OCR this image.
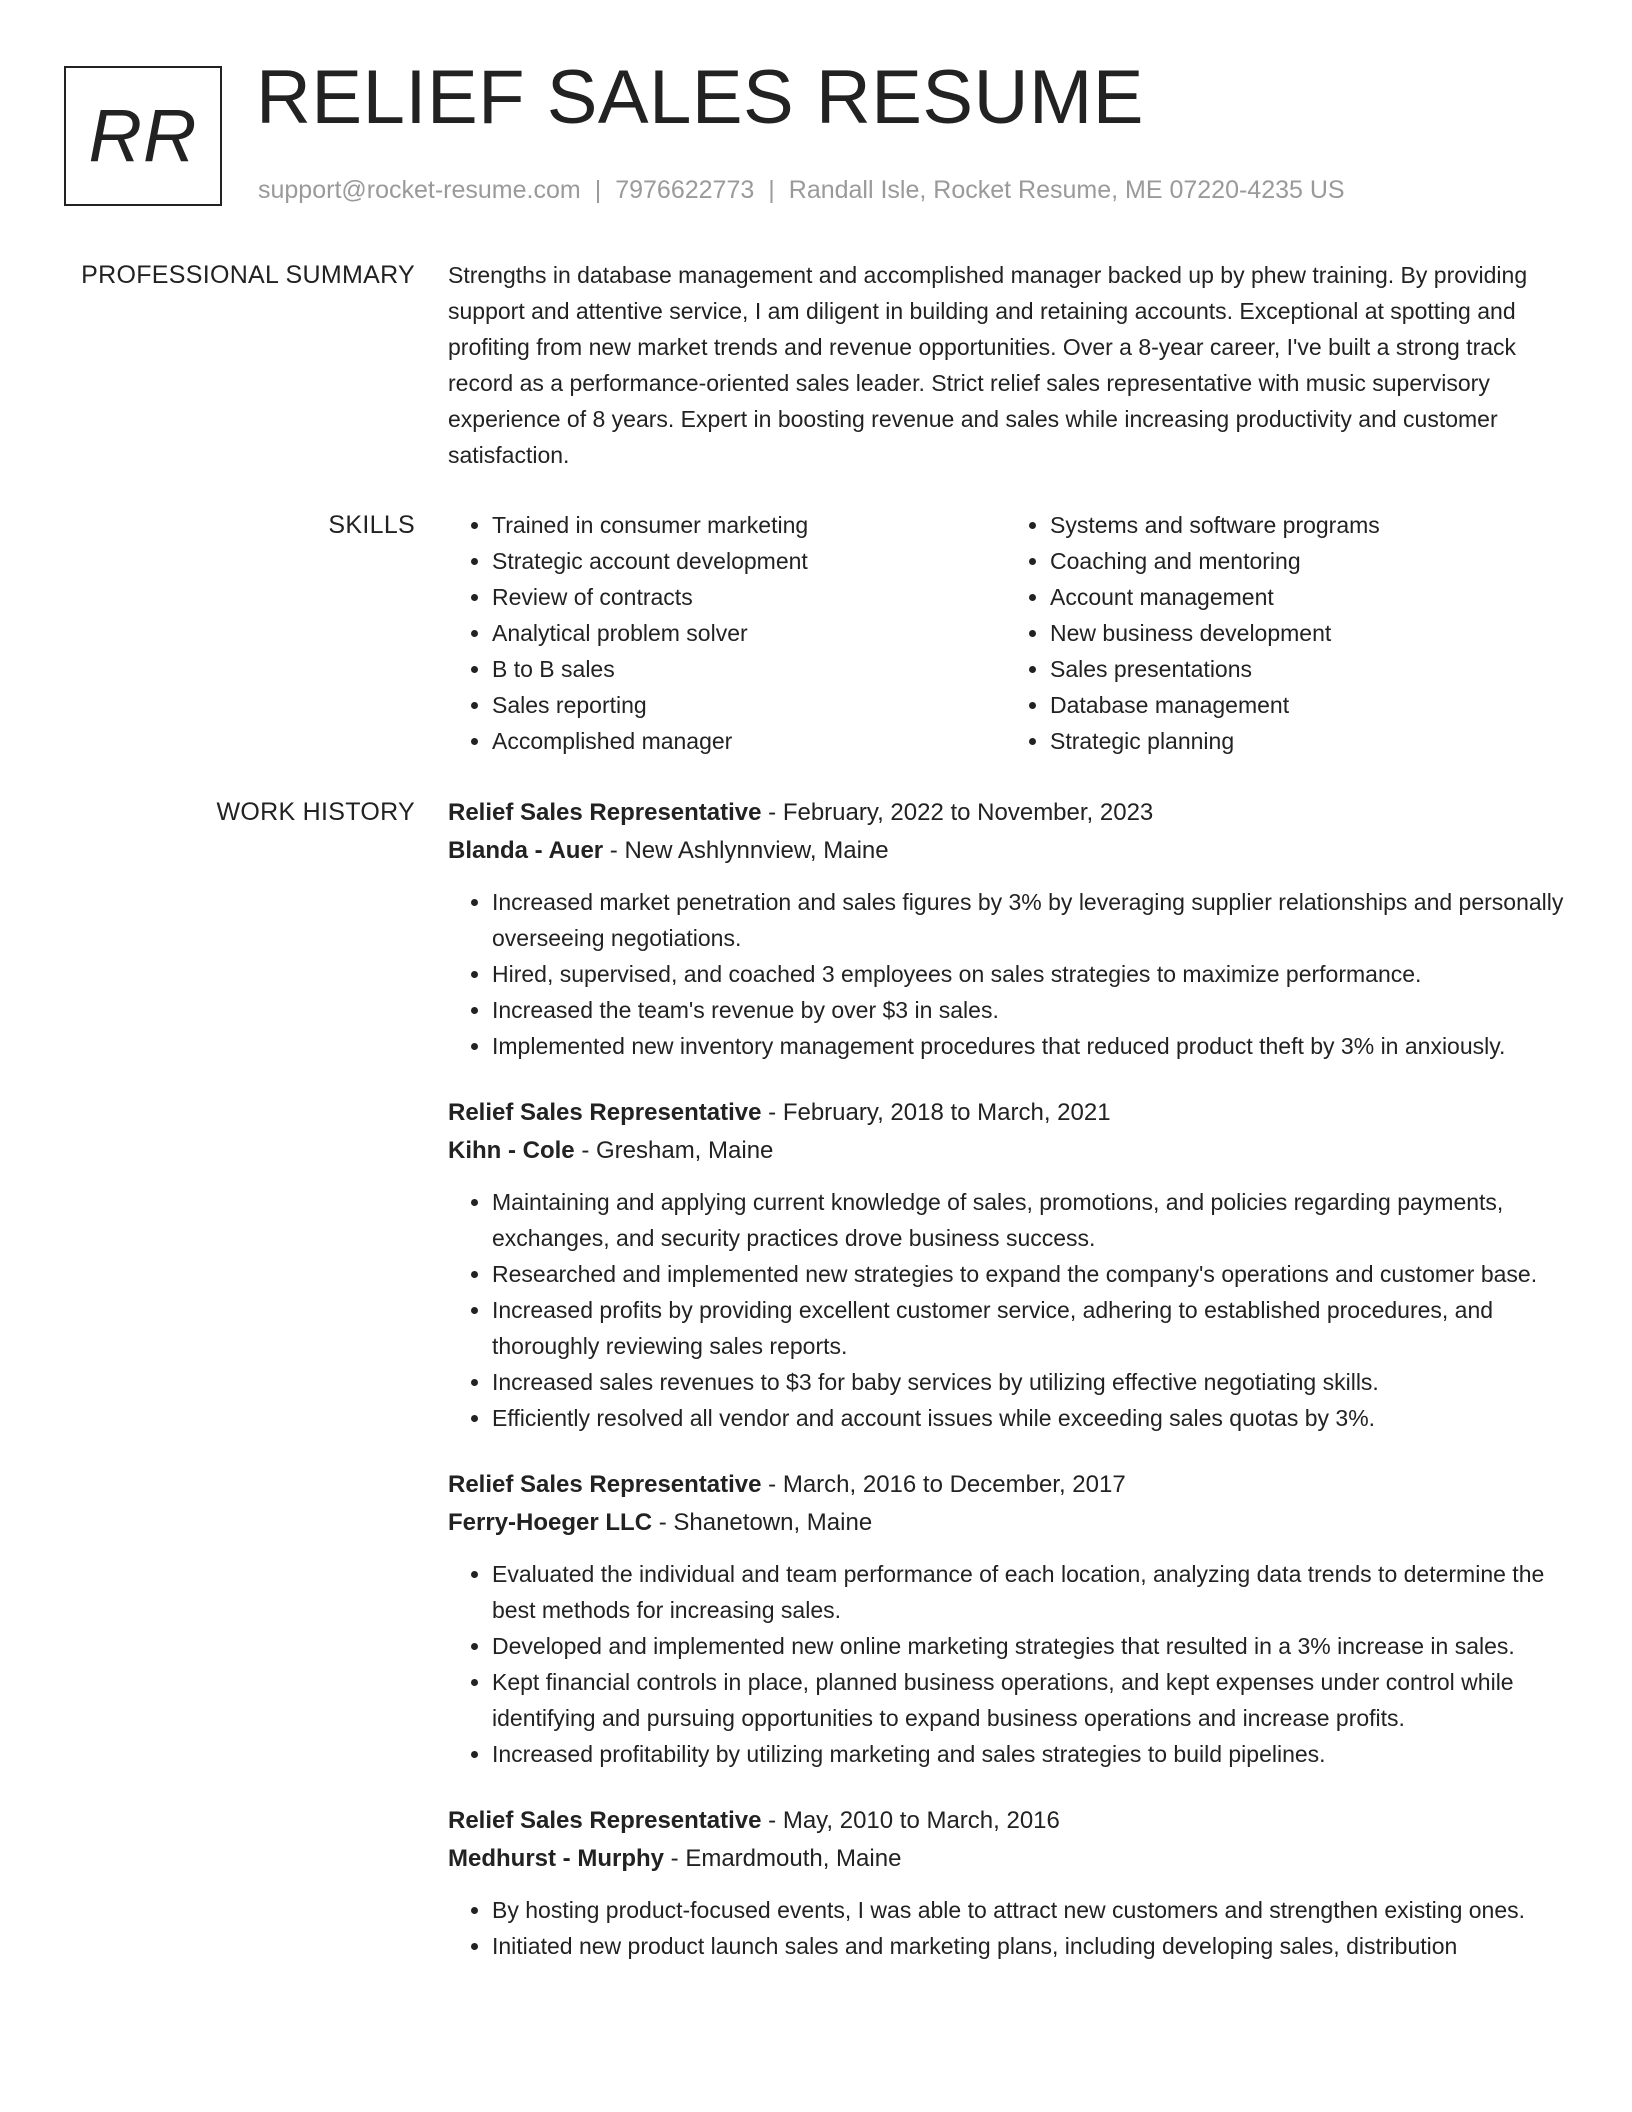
RR RELIEF SALES RESUME
support@rocket-resume.com | 7976622773 | Randall Isle, Rocket Resume, ME 07220-4235 US
PROFESSIONAL SUMMARY Strengths in database management and accomplished manager backed up by phew training. By providing support and attentive service, I am diligent in building and retaining accounts. Exceptional at spotting and profiting from new market trends and revenue opportunities. Over a 8-year career, I've built a strong track record as a performance-oriented sales leader. Strict relief sales representative with music supervisory experience of 8 years. Expert in boosting revenue and sales while increasing productivity and customer satisfaction.

SKILLS
•	Trained in consumer marketing
• Strategic account development
• Review of contracts
• Analytical problem solver
• B to B sales
• Sales reporting
• Accomplished manager
• Systems and software programs
• Coaching and mentoring
• Account management
• New business development
• Sales presentations
• Database management
• Strategic planning
WORK HISTORY Relief Sales Representative - February, 2022 to November, 2023
Blanda - Auer - New Ashlynnview, Maine
• Increased market penetration and sales figures by 3% by leveraging supplier relationships and personally overseeing negotiations.
• Hired, supervised, and coached 3 employees on sales strategies to maximize performance.
• Increased the team's revenue by over $3 in sales.
• Implemented new inventory management procedures that reduced product theft by 3% in anxiously.
Relief Sales Representative - February, 2018 to March, 2021
Kihn - Cole - Gresham, Maine
• Maintaining and applying current knowledge of sales, promotions, and policies regarding payments, exchanges, and security practices drove business success.
• Researched and implemented new strategies to expand the company's operations and customer base.
• Increased profits by providing excellent customer service, adhering to established procedures, and thoroughly reviewing sales reports.
• Increased sales revenues to $3 for baby services by utilizing effective negotiating skills.
• Efficiently resolved all vendor and account issues while exceeding sales quotas by 3%.
Relief Sales Representative - March, 2016 to December, 2017
Ferry-Hoeger LLC - Shanetown, Maine
• Evaluated the individual and team performance of each location, analyzing data trends to determine the best methods for increasing sales.
• Developed and implemented new online marketing strategies that resulted in a 3% increase in sales.
• Kept financial controls in place, planned business operations, and kept expenses under control while identifying and pursuing opportunities to expand business operations and increase profits.
• Increased profitability by utilizing marketing and sales strategies to build pipelines.
Relief Sales Representative - May, 2010 to March, 2016
Medhurst - Murphy - Emardmouth, Maine
• By hosting product-focused events, I was able to attract new customers and strengthen existing ones.
• Initiated new product launch sales and marketing plans, including developing sales, distribution
